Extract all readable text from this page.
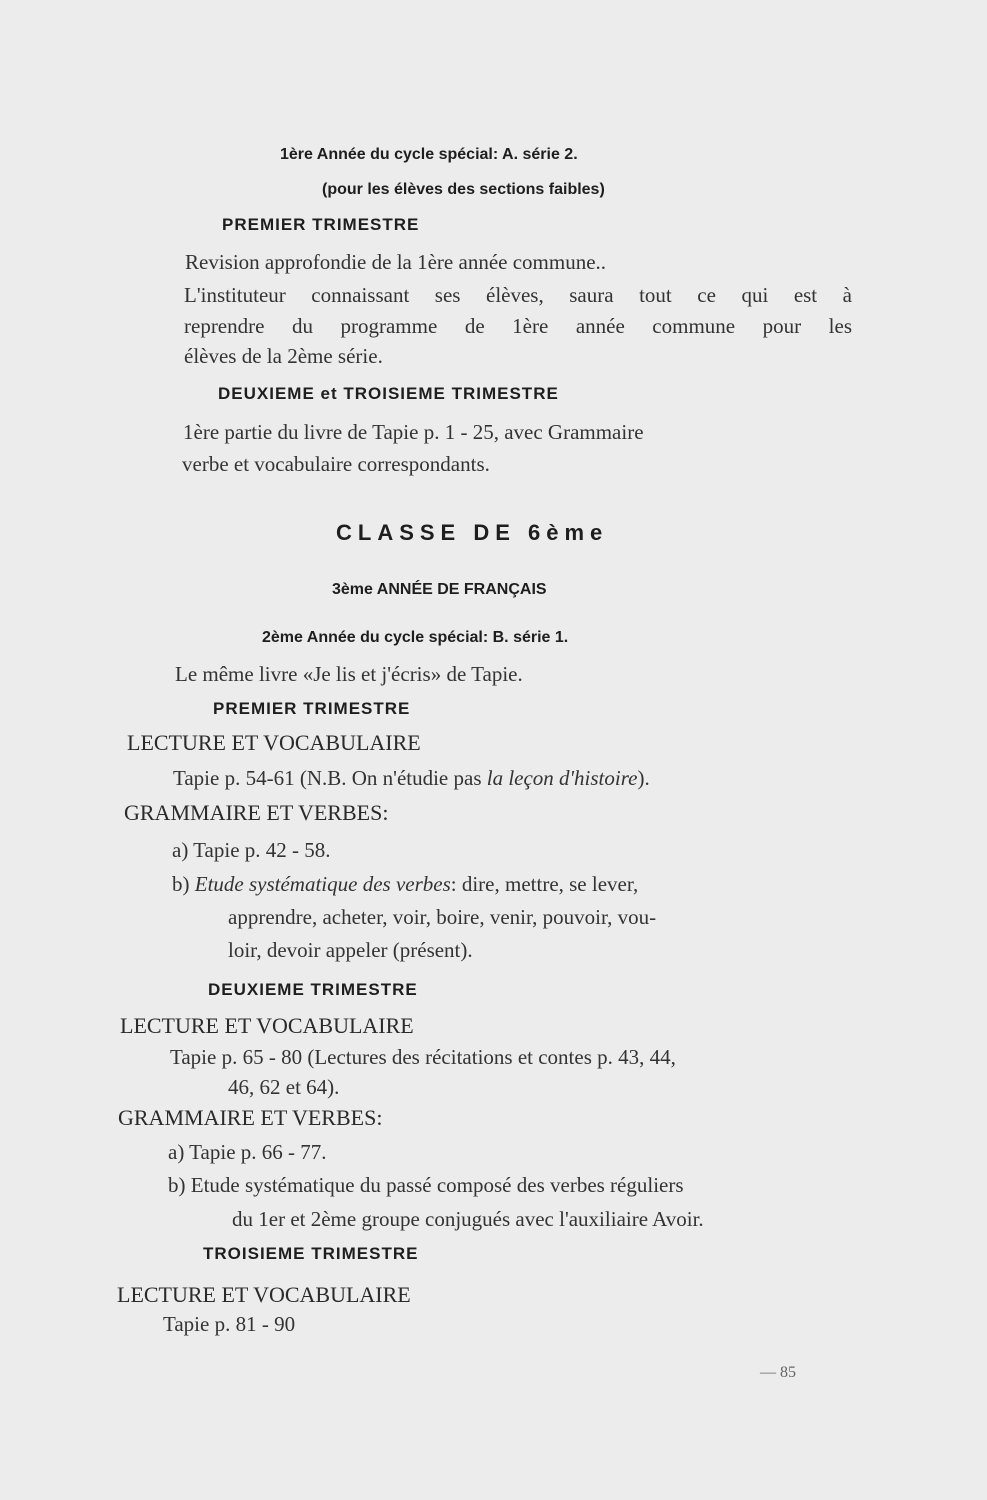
1ère Année du cycle spécial: A. série 2.
(pour les élèves des sections faibles)
PREMIER TRIMESTRE
Revision approfondie de la 1ère année commune..
L'instituteur connaissant ses élèves, saura tout ce qui est à
reprendre du programme de 1ère année commune pour les
élèves de la 2ème série.
DEUXIEME et TROISIEME TRIMESTRE
1ère partie du livre de Tapie p. 1 - 25, avec Grammaire
verbe et vocabulaire correspondants.
CLASSE DE 6ème
3ème ANNÉE DE FRANÇAIS
2ème Année du cycle spécial: B. série 1.
Le même livre «Je lis et j'écris» de Tapie.
PREMIER TRIMESTRE
LECTURE ET VOCABULAIRE
Tapie p. 54-61 (N.B. On n'étudie pas la leçon d'histoire).
GRAMMAIRE ET VERBES:
a) Tapie p. 42 - 58.
b) Etude systématique des verbes: dire, mettre, se lever,
apprendre, acheter, voir, boire, venir, pouvoir, vou-
loir, devoir appeler (présent).
DEUXIEME TRIMESTRE
LECTURE ET VOCABULAIRE
Tapie p. 65 - 80 (Lectures des récitations et contes p. 43, 44,
46, 62 et 64).
GRAMMAIRE ET VERBES:
a) Tapie p. 66 - 77.
b) Etude systématique du passé composé des verbes réguliers
du 1er et 2ème groupe conjugués avec l'auxiliaire Avoir.
TROISIEME TRIMESTRE
LECTURE ET VOCABULAIRE
Tapie p. 81 - 90
— 85
